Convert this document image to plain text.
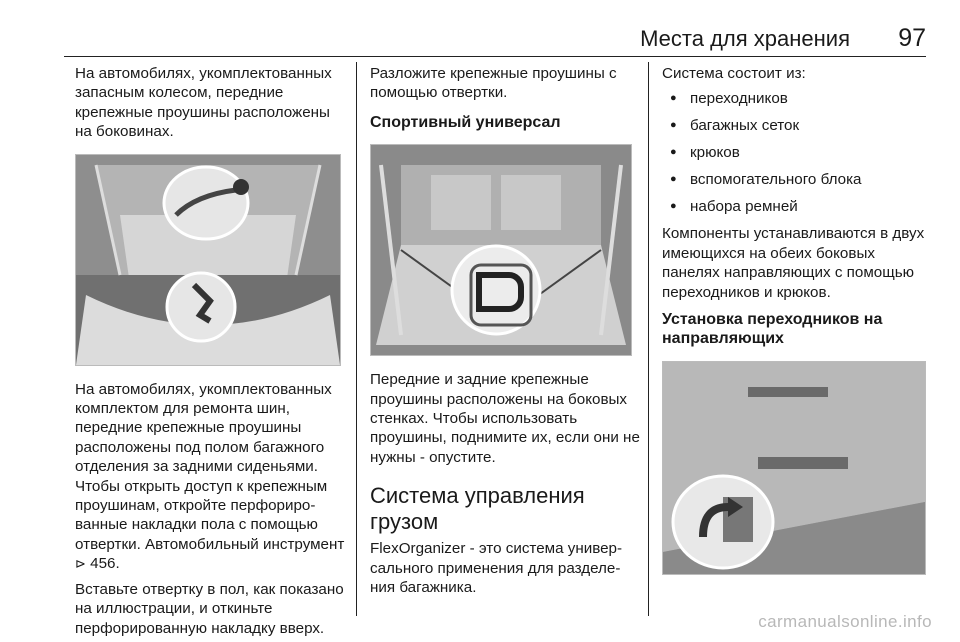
Места для хранения 97

На автомобилях, укомплектованных запасным колесом, передние крепежные проушины расположены на боковинах.

На автомобилях, укомплектованных комплектом для ремонта шин, передние крепежные проушины расположены под полом багажного отделения за задними сиденьями. Чтобы открыть доступ к крепежным проушинам, откройте перфорированные накладки пола с помощью отвертки. Автомобильный инструмент ⊳ 456.

Вставьте отвертку в пол, как показано на иллюстрации, и откиньте перфорированную накладку вверх.

Разложите крепежные проушины с помощью отвертки.

Спортивный универсал

Передние и задние крепежные проушины расположены на боковых стенках. Чтобы использовать проушины, поднимите их, если они не нужны - опустите.

Система управления грузом

FlexOrganizer - это система универсального применения для разделения багажника.

Система состоит из:

● переходников
● багажных сеток
● крюков
● вспомогательного блока
● набора ремней

Компоненты устанавливаются в двух имеющихся на обеих боковых панелях направляющих с помощью переходников и крюков.

Установка переходников на направляющих
carmanualsonline.info
